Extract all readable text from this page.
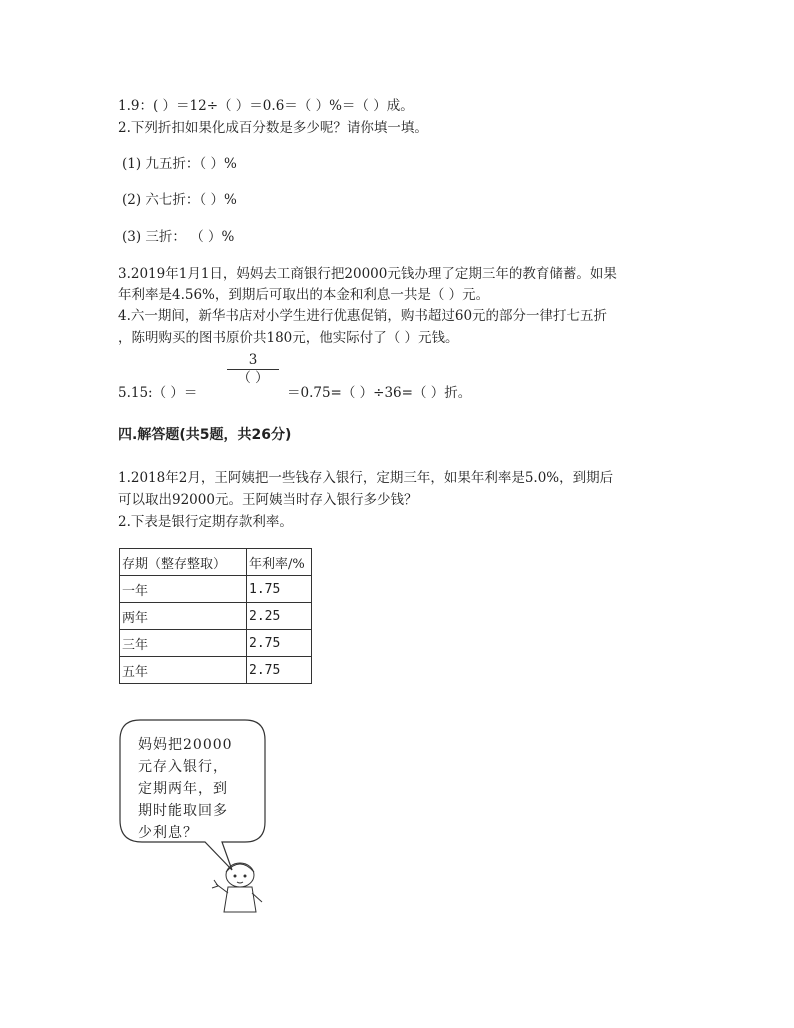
1.9：( ）＝12÷（ ）＝0.6＝（ ）%＝（ ）成。
2.下列折扣如果化成百分数是多少呢？请你填一填。
(1) 九五折：（ ）%
(2) 六七折：（ ）%
(3) 三折： （ ）%
3.2019年1月1日，妈妈去工商银行把20000元钱办理了定期三年的教育储蓄。如果
年利率是4.56%，到期后可取出的本金和利息一共是（ ）元。
4.六一期间，新华书店对小学生进行优惠促销，购书超过60元的部分一律打七五折
，陈明购买的图书原价共180元，他实际付了（ ）元钱。
5.15:（ ）＝
3
（ ）
＝0.75=（ ）÷36=（ ）折。
四.解答题(共5题，共26分)
1.2018年2月，王阿姨把一些钱存入银行，定期三年，如果年利率是5.0%，到期后
可以取出92000元。王阿姨当时存入银行多少钱？
2.下表是银行定期存款利率。
存期（整存整取）	年利率/%
一年	1.75
两年	2.25
三年	2.75
五年	2.75
妈妈把20000
元存入银行，
定期两年，到
期时能取回多
少利息？
